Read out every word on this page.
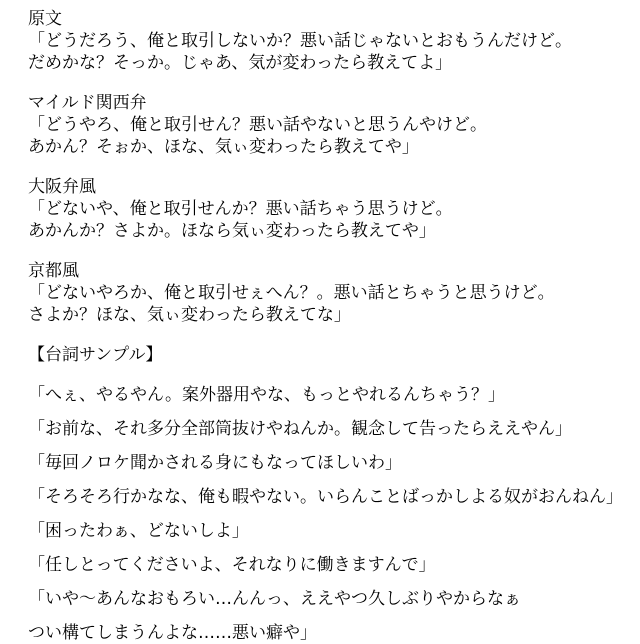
原文

「どうだろう、俺と取引しないか？悪い話じゃないとおもうんだけど。

だめかな？そっか。じゃあ、気が変わったら教えてよ」

マイルド関西弁

「どうやろ、俺と取引せん？悪い話やないと思うんやけど。

あかん？そぉか、ほな、気ぃ変わったら教えてや」

大阪弁風

「どないや、俺と取引せんか？悪い話ちゃう思うけど。

あかんか？さよか。ほなら気ぃ変わったら教えてや」

京都風

「どないやろか、俺と取引せぇへん？。悪い話とちゃうと思うけど。

さよか？ほな、気ぃ変わったら教えてな」

【台詞サンプル】

「へぇ、やるやん。案外器用やな、もっとやれるんちゃう？」

「お前な、それ多分全部筒抜けやねんか。観念して告ったらええやん」

「毎回ノロケ聞かされる身にもなってほしいわ」

「そろそろ行かなな、俺も暇やない。いらんことばっかしよる奴がおんねん」

「困ったわぁ、どないしよ」

「任しとってくださいよ、それなりに働きますんで」

「いや〜あんなおもろい…んんっ、ええやつ久しぶりやからなぁ

つい構てしまうんよな……悪い癖や」
